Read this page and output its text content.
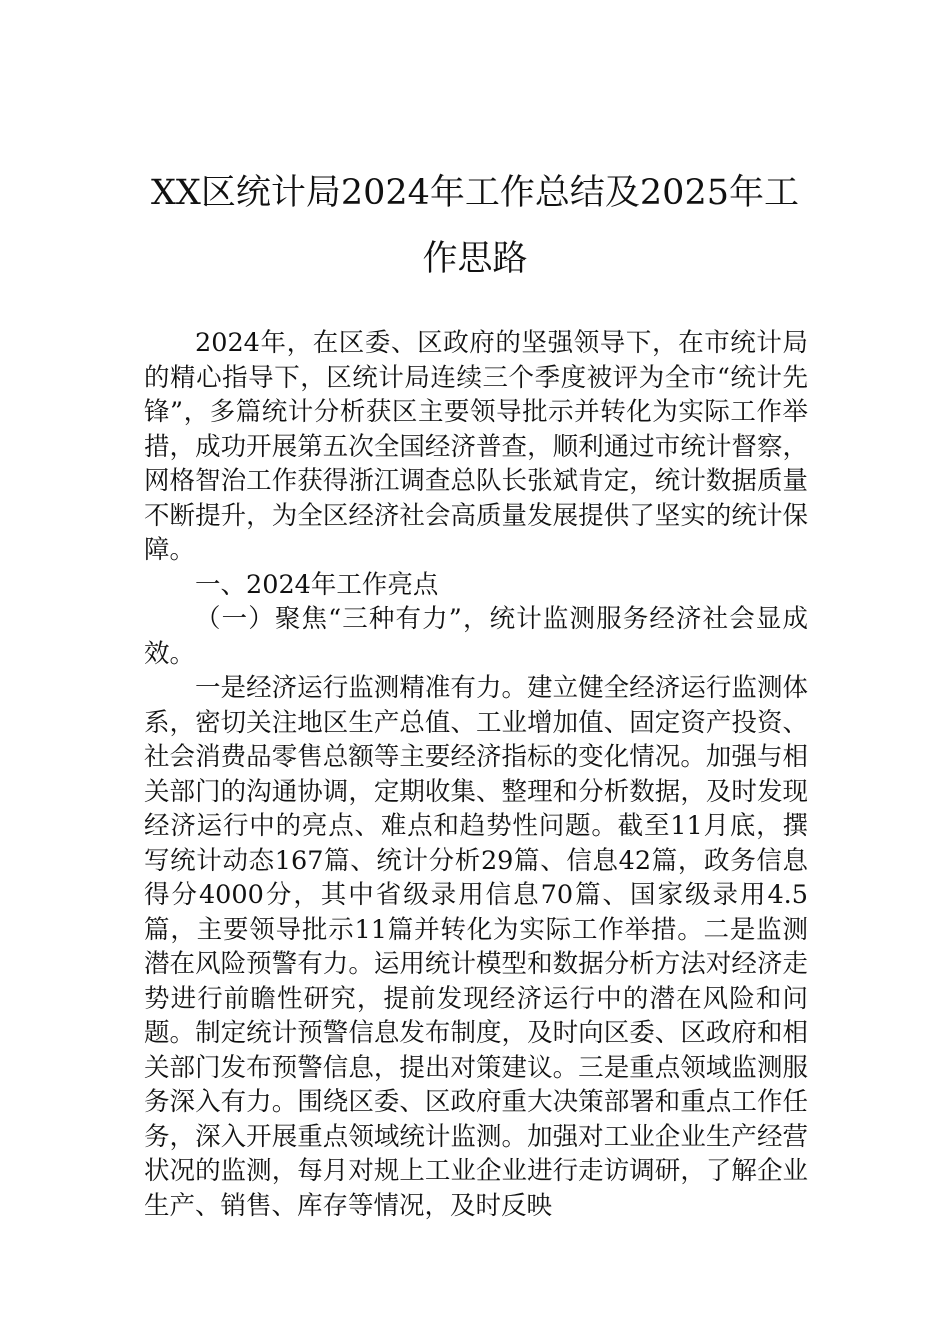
XX区统计局2024年工作总结及2025年工作思路

2024年，在区委、区政府的坚强领导下，在市统计局的精心指导下，区统计局连续三个季度被评为全市“统计先锋”，多篇统计分析获区主要领导批示并转化为实际工作举措，成功开展第五次全国经济普查，顺利通过市统计督察，网格智治工作获得浙江调查总队长张斌肯定，统计数据质量不断提升，为全区经济社会高质量发展提供了坚实的统计保障。

一、2024年工作亮点

（一）聚焦“三种有力”，统计监测服务经济社会显成效。

一是经济运行监测精准有力。建立健全经济运行监测体系，密切关注地区生产总值、工业增加值、固定资产投资、社会消费品零售总额等主要经济指标的变化情况。加强与相关部门的沟通协调，定期收集、整理和分析数据，及时发现经济运行中的亮点、难点和趋势性问题。截至11月底，撰写统计动态167篇、统计分析29篇、信息42篇，政务信息得分4000分，其中省级录用信息70篇、国家级录用4.5篇，主要领导批示11篇并转化为实际工作举措。二是监测潜在风险预警有力。运用统计模型和数据分析方法对经济走势进行前瞻性研究，提前发现经济运行中的潜在风险和问题。制定统计预警信息发布制度，及时向区委、区政府和相关部门发布预警信息，提出对策建议。三是重点领域监测服务深入有力。围绕区委、区政府重大决策部署和重点工作任务，深入开展重点领域统计监测。加强对工业企业生产经营状况的监测，每月对规上工业企业进行走访调研，了解企业生产、销售、库存等情况，及时反映
